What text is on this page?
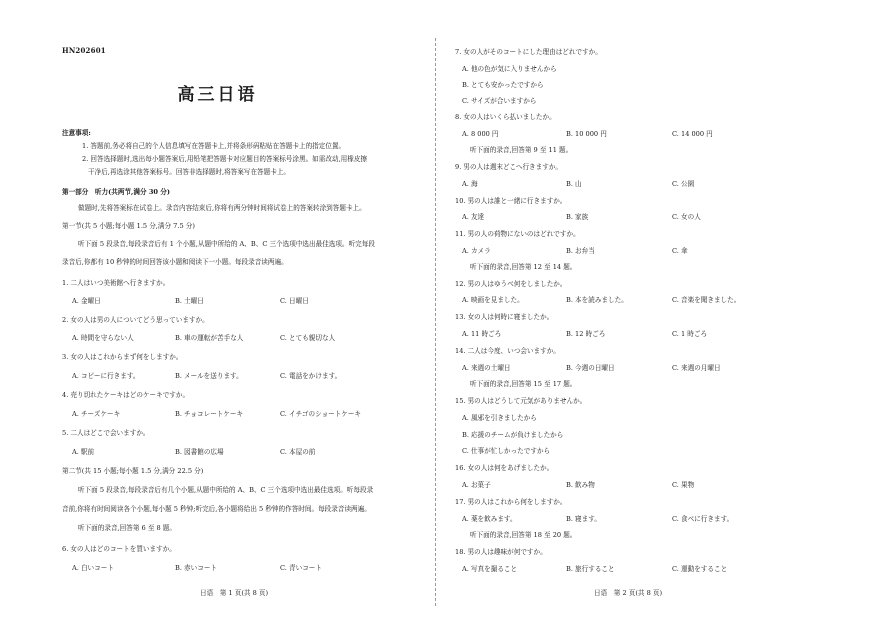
HN202601
高三日语
注意事项:
1. 答题前,务必将自己的个人信息填写在答题卡上,并将条形码粘贴在答题卡上的指定位置。
2. 回答选择题时,选出每小题答案后,用铅笔把答题卡对应题目的答案标号涂黑。如需改动,用橡皮擦
干净后,再选涂其他答案标号。回答非选择题时,将答案写在答题卡上。
第一部分　听力(共两节,满分 30 分)
做题时,先将答案标在试卷上。录音内容结束后,你将有两分钟时间将试卷上的答案转涂到答题卡上。
第一节(共 5 小题;每小题 1.5 分,满分 7.5 分)
听下面 5 段录音,每段录音后有 1 个小题,从题中所给的 A、B、C 三个选项中选出最佳选项。听完每段
录音后,你都有 10 秒钟的时间回答该小题和阅读下一小题。每段录音读两遍。
1. 二人はいつ美術館へ行きますか。
A. 金曜日	B. 土曜日	C. 日曜日
2. 女の人は男の人についてどう思っていますか。
A. 時間を守らない人	B. 車の運転が苦手な人	C. とても親切な人
3. 女の人はこれからまず何をしますか。
A. コピーに行きます。	B. メールを送ります。	C. 電話をかけます。
4. 売り切れたケーキはどのケーキですか。
A. チーズケーキ	B. チョコレートケーキ	C. イチゴのショートケーキ
5. 二人はどこで会いますか。
A. 駅前	B. 図書館の広場	C. 本屋の前
第二节(共 15 小题;每小题 1.5 分,满分 22.5 分)
听下面 5 段录音,每段录音后有几个小题,从题中所给的 A、B、C 三个选项中选出最佳选项。听每段录
音前,你将有时间阅读各个小题,每小题 5 秒钟;听完后,各小题将给出 5 秒钟的作答时间。每段录音读两遍。
听下面的录音,回答第 6 至 8 题。
6. 女の人はどのコートを買いますか。
A. 白いコート	B. 赤いコート	C. 青いコート
日语　第 1 页(共 8 页)
7. 女の人がそのコートにした理由はどれですか。
A. 他の色が気に入りませんから
B. とても安かったですから
C. サイズが合いますから
8. 女の人はいくら払いましたか。
A. 8 000 円	B. 10 000 円	C. 14 000 円
听下面的录音,回答第 9 至 11 题。
9. 男の人は週末どこへ行きますか。
A. 海	B. 山	C. 公園
10. 男の人は誰と一緒に行きますか。
A. 友達	B. 家族	C. 女の人
11. 男の人の荷物にないのはどれですか。
A. カメラ	B. お弁当	C. 傘
听下面的录音,回答第 12 至 14 题。
12. 男の人はゆうべ何をしましたか。
A. 映画を見ました。	B. 本を読みました。	C. 音楽を聞きました。
13. 女の人は何時に寝ましたか。
A. 11 時ごろ	B. 12 時ごろ	C. 1 時ごろ
14. 二人は今度、いつ会いますか。
A. 来週の土曜日	B. 今週の日曜日	C. 来週の月曜日
听下面的录音,回答第 15 至 17 题。
15. 男の人はどうして元気がありませんか。
A. 風邪を引きましたから
B. 応援のチームが負けましたから
C. 仕事が忙しかったですから
16. 女の人は何をあげましたか。
A. お菓子	B. 飲み物	C. 果物
17. 男の人はこれから何をしますか。
A. 薬を飲みます。	B. 寝ます。	C. 食べに行きます。
听下面的录音,回答第 18 至 20 题。
18. 男の人は趣味が何ですか。
A. 写真を撮ること	B. 旅行すること	C. 運動をすること
日语　第 2 页(共 8 页)
